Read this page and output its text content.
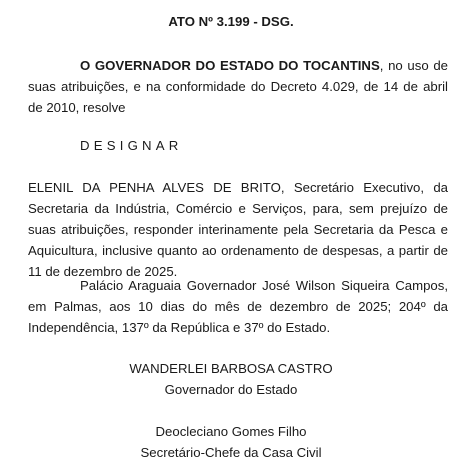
ATO Nº 3.199 - DSG.

O GOVERNADOR DO ESTADO DO TOCANTINS, no uso de suas atribuições, e na conformidade do Decreto 4.029, de 14 de abril de 2010, resolve

DESIGNAR

ELENIL DA PENHA ALVES DE BRITO, Secretário Executivo, da Secretaria da Indústria, Comércio e Serviços, para, sem prejuízo de suas atribuições, responder interinamente pela Secretaria da Pesca e Aquicultura, inclusive quanto ao ordenamento de despesas, a partir de 11 de dezembro de 2025.

Palácio Araguaia Governador José Wilson Siqueira Campos, em Palmas, aos 10 dias do mês de dezembro de 2025; 204º da Independência, 137º da República e 37º do Estado.

WANDERLEI BARBOSA CASTRO
Governador do Estado
Deocleciano Gomes Filho
Secretário-Chefe da Casa Civil
